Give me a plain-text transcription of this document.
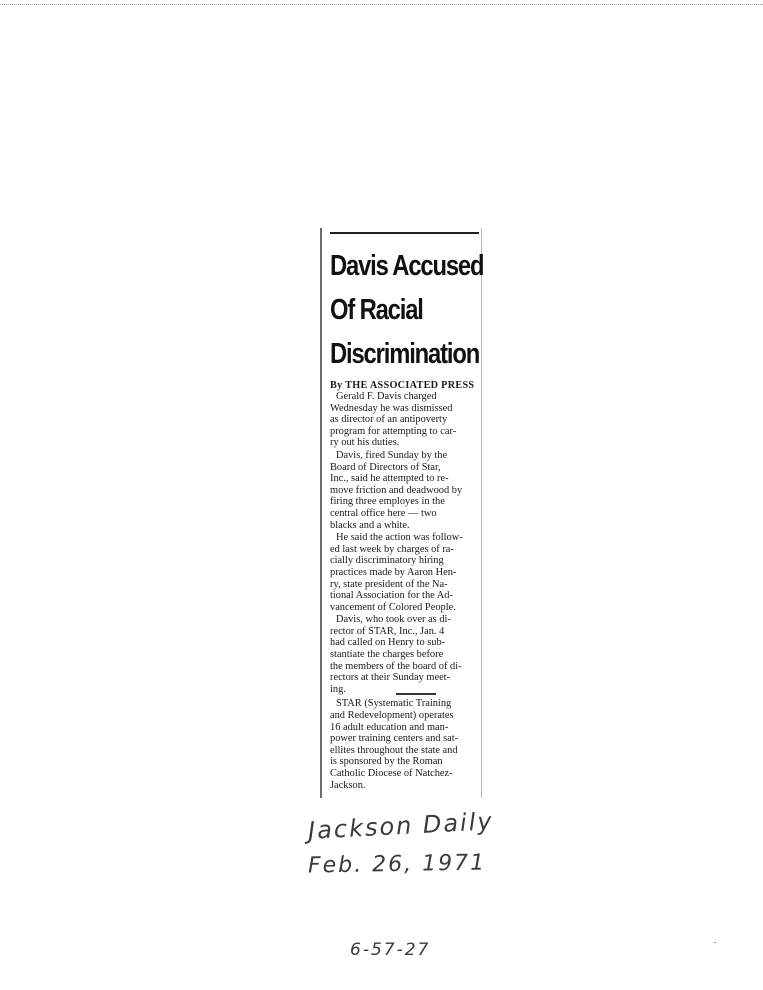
Davis Accused
Of Racial
Discrimination
By THE ASSOCIATED PRESS

Gerald F. Davis charged
Wednesday he was dismissed
as director of an antipoverty
program for attempting to car-
ry out his duties.

Davis, fired Sunday by the
Board of Directors of Star,
Inc., said he attempted to re-
move friction and deadwood by
firing three employes in the
central office here — two
blacks and a white.

He said the action was follow-
ed last week by charges of ra-
cially discriminatory hiring
practices made by Aaron Hen-
ry, state president of the Na-
tional Association for the Ad-
vancement of Colored People.

Davis, who took over as di-
rector of STAR, Inc., Jan. 4
had called on Henry to sub-
stantiate the charges before
the members of the board of di-
rectors at their Sunday meet-
ing.

STAR (Systematic Training
and Redevelopment) operates
16 adult education and man-
power training centers and sat-
ellites throughout the state and
is sponsored by the Roman
Catholic Diocese of Natchez-
Jackson.

Jackson Daily
Feb. 26, 1971
6-57-27
